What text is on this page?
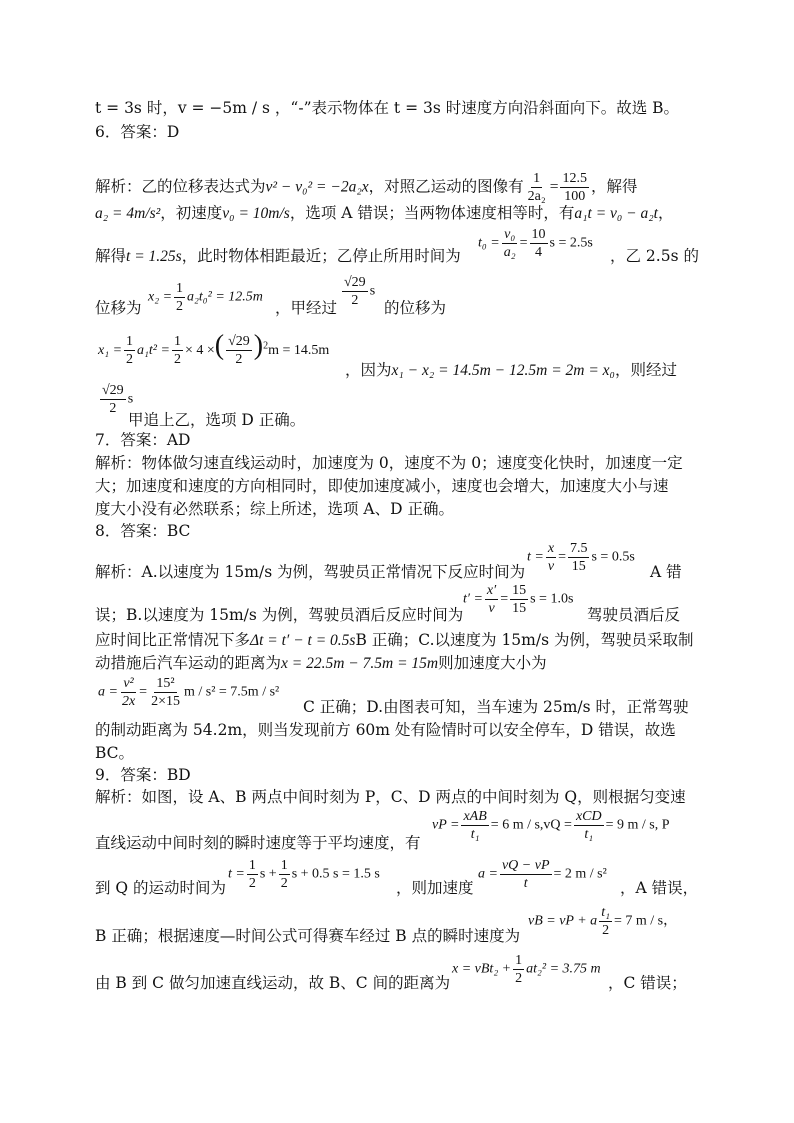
t = 3s 时，v = −5m / s ，“-”表示物体在 t = 3s 时速度方向沿斜面向下。故选 B。
6．答案：D
解析：乙的位移表达式为v² − v₀² = −2a₂x，对照乙运动的图像有 $\frac{1}{\text{2a₂}} = \frac{12.5}{100}$ ，解得
a₂ = 4m/s²，初速度v₀ = 10m/s，选项 A 错误；当两物体速度相等时，有a₁t = v₀ − a₂t，
解得t = 1.25s，此时物体相距最近；乙停止所用时间为
$t_0 = \frac{\text{v₀}}{\text{a₂}} = \frac{10}{4}$ s = 2.5s
，乙 2.5s 的
位移为
$x_2 = \frac{1}{2} a_2t_0^2 = 12.5m$
，甲经过 $\frac{√29}{2}$ s
的位移为
$x_1 = \frac{1}{2} a_1t^2 = \frac{1}{2} \times 4$ ×( $\frac{√29}{2} )^2m = 14.5m$
，因为x₁ − x₂ = 14.5m − 12.5m = 2m = x₀，则经过
$\frac{√29}{2}$ s
甲追上乙，选项 D 正确。
7．答案：AD
解析：物体做匀速直线运动时，加速度为 0，速度不为 0；速度变化快时，加速度一定
大；加速度和速度的方向相同时，即使加速度减小，速度也会增大，加速度大小与速
度大小没有必然联系；综上所述，选项 A、D 正确。
8．答案：BC
解析：A.以速度为 15m/s 为例，驾驶员正常情况下反应时间为
$t = \frac{x}{v} = \frac{7.5}{15}$ s = 0.5s
A 错
误；B.以速度为 15m/s 为例，驾驶员酒后反应时间为
$t' = \frac{x'}{v} = \frac{15}{15}$ s = 1.0s
驾驶员酒后反
应时间比正常情况下多Δt = t′ − t = 0.5sB 正确；C.以速度为 15m/s 为例，驾驶员采取制
动措施后汽车运动的距离为x = 22.5m − 7.5m = 15m则加速度大小为
$a = \frac{\text{v²}}{2x} = \frac{\text{15²}}{2\times 15}$ m / s² = 7.5m / s²
C 正确；D.由图表可知，当车速为 25m/s 时，正常驾驶
的制动距离为 54.2m，则当发现前方 60m 处有险情时可以安全停车，D 错误，故选
BC。
9．答案：BD
解析：如图，设 A、B 两点中间时刻为 P，C、D 两点的中间时刻为 Q，则根据匀变速
vP = $\frac{\text{xAB}}{\text{t₁}} = 6$ $m / s,vQ = \frac{\text{xCD}}{\text{t₁}} = 9$ m / s, P
直线运动中间时刻的瞬时速度等于平均速度，有
到 Q 的运动时间为
$t = \frac{1}{2}$ $s + \frac{1}{2}$ s + 0.5 s = 1.5 s
，则加速度
$a = \frac{vQ - vP}{t} = 2$ m / s²
，A 错误，
B 正确；根据速度—时间公式可得赛车经过 B 点的瞬时速度为
vB = vP + a $\frac{\text{t₁}}{2} = 7$ m / s，
由 B 到 C 做匀加速直线运动，故 B、C 间的距离为
$x = vBt_2 + \frac{1}{2} at_2^2 = 3.75$ m
，C 错误；
